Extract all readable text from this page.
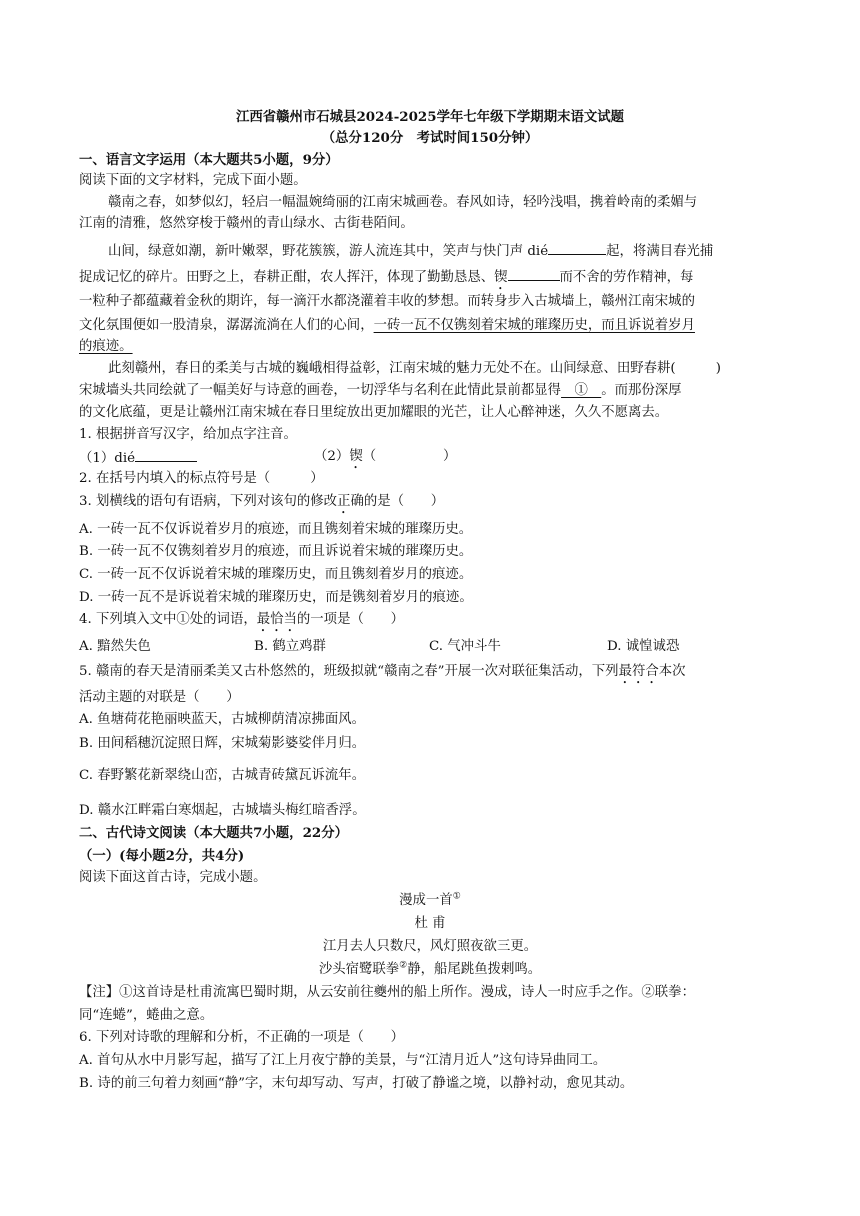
江西省赣州市石城县2024-2025学年七年级下学期期末语文试题
（总分120分　考试时间150分钟）
一、语言文字运用（本大题共5小题，9分）
阅读下面的文字材料，完成下面小题。
赣南之春，如梦似幻，轻启一幅温婉绮丽的江南宋城画卷。春风如诗，轻吟浅唱，携着岭南的柔媚与
江南的清雅，悠然穿梭于赣州的青山绿水、古街巷陌间。
山间，绿意如潮，新叶嫩翠，野花簇簇，游人流连其中，笑声与快门声 dié	起，将满目春光捕
捉成记忆的碎片。田野之上，春耕正酣，农人挥汗，体现了勤勤恳恳、锲	而不舍的劳作精神，每
一粒种子都蕴藏着金秋的期许，每一滴汗水都浇灌着丰收的梦想。而转身步入古城墙上，赣州江南宋城的
文化氛围便如一股清泉，潺潺流淌在人们的心间，一砖一瓦不仅镌刻着宋城的璀璨历史，而且诉说着岁月
的痕迹。
此刻赣州，春日的柔美与古城的巍峨相得益彰，江南宋城的魅力无处不在。山间绿意、田野春耕(　　　)
宋城墙头共同绘就了一幅美好与诗意的画卷，一切浮华与名利在此情此景前都显得　①　。而那份深厚
的文化底蕴，更是让赣州江南宋城在春日里绽放出更加耀眼的光芒，让人心醉神迷，久久不愿离去。
1. 根据拼音写汉字，给加点字注音。
（1）dié	（2）锲（　　　　　）
2. 在括号内填入的标点符号是（　　　）
3. 划横线的语句有语病，下列对该句的修改正确的是（　　）
A. 一砖一瓦不仅诉说着岁月的痕迹，而且镌刻着宋城的璀璨历史。
B. 一砖一瓦不仅镌刻着岁月的痕迹，而且诉说着宋城的璀璨历史。
C. 一砖一瓦不仅诉说着宋城的璀璨历史，而且镌刻着岁月的痕迹。
D. 一砖一瓦不是诉说着宋城的璀璨历史，而是镌刻着岁月的痕迹。
4. 下列填入文中①处的词语，最恰当的一项是（　　）
A. 黯然失色	B. 鹤立鸡群	C. 气冲斗牛	D. 诚惶诚恐
5. 赣南的春天是清丽柔美又古朴悠然的，班级拟就“赣南之春”开展一次对联征集活动，下列最符合本次
活动主题的对联是（　　）
A. 鱼塘荷花艳丽映蓝天，古城柳荫清凉拂面风。
B. 田间稻穗沉淀照日辉，宋城菊影婆娑伴月归。
C. 春野繁花新翠绕山峦，古城青砖黛瓦诉流年。
D. 赣水江畔霜白寒烟起，古城墙头梅红暗香浮。
二、古代诗文阅读（本大题共7小题，22分）
（一）(每小题2分，共4分)
阅读下面这首古诗，完成小题。
漫成一首①
杜 甫
江月去人只数尺，风灯照夜欲三更。
沙头宿鹭联拳②静，船尾跳鱼拨剌鸣。
【注】①这首诗是杜甫流寓巴蜀时期，从云安前往夔州的船上所作。漫成，诗人一时应手之作。②联拳：
同“连蜷”，蜷曲之意。
6. 下列对诗歌的理解和分析，不正确的一项是（　　）
A. 首句从水中月影写起，描写了江上月夜宁静的美景，与“江清月近人”这句诗异曲同工。
B. 诗的前三句着力刻画“静”字，末句却写动、写声，打破了静谧之境，以静衬动，愈见其动。
